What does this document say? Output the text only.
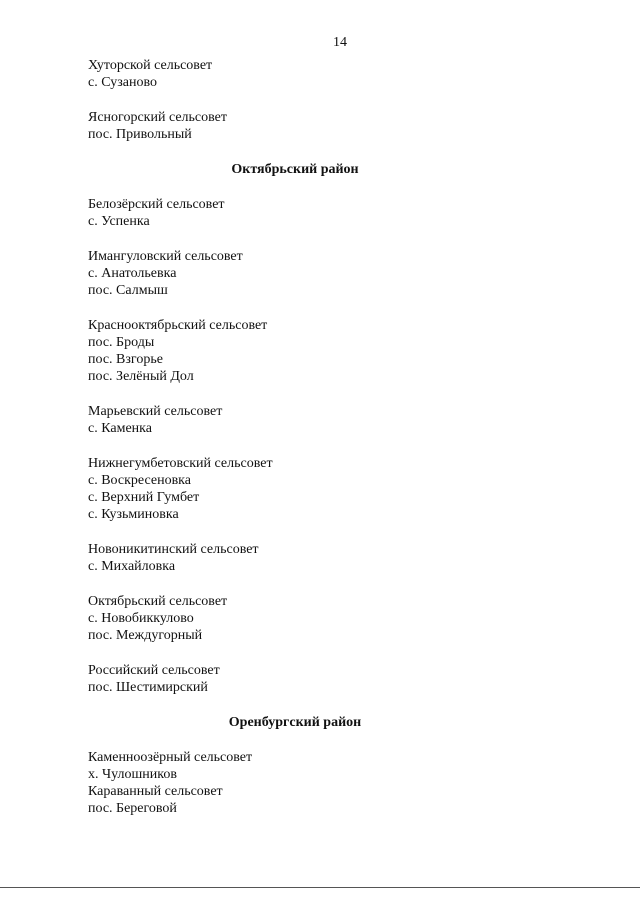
14
Хуторской сельсовет
с. Сузаново
Ясногорский сельсовет
пос. Привольный
Октябрьский район
Белозёрский сельсовет
с. Успенка
Имангуловский сельсовет
с. Анатольевка
пос. Салмыш
Краснооктябрьский сельсовет
пос. Броды
пос. Взгорье
пос. Зелёный Дол
Марьевский сельсовет
с. Каменка
Нижнегумбетовский сельсовет
с. Воскресеновка
с. Верхний Гумбет
с. Кузьминовка
Новоникитинский сельсовет
с. Михайловка
Октябрьский сельсовет
с. Новобиккулово
пос. Междугорный
Российский сельсовет
пос. Шестимирский
Оренбургский район
Каменноозёрный сельсовет
х. Чулошников
Караванный сельсовет
пос. Береговой
